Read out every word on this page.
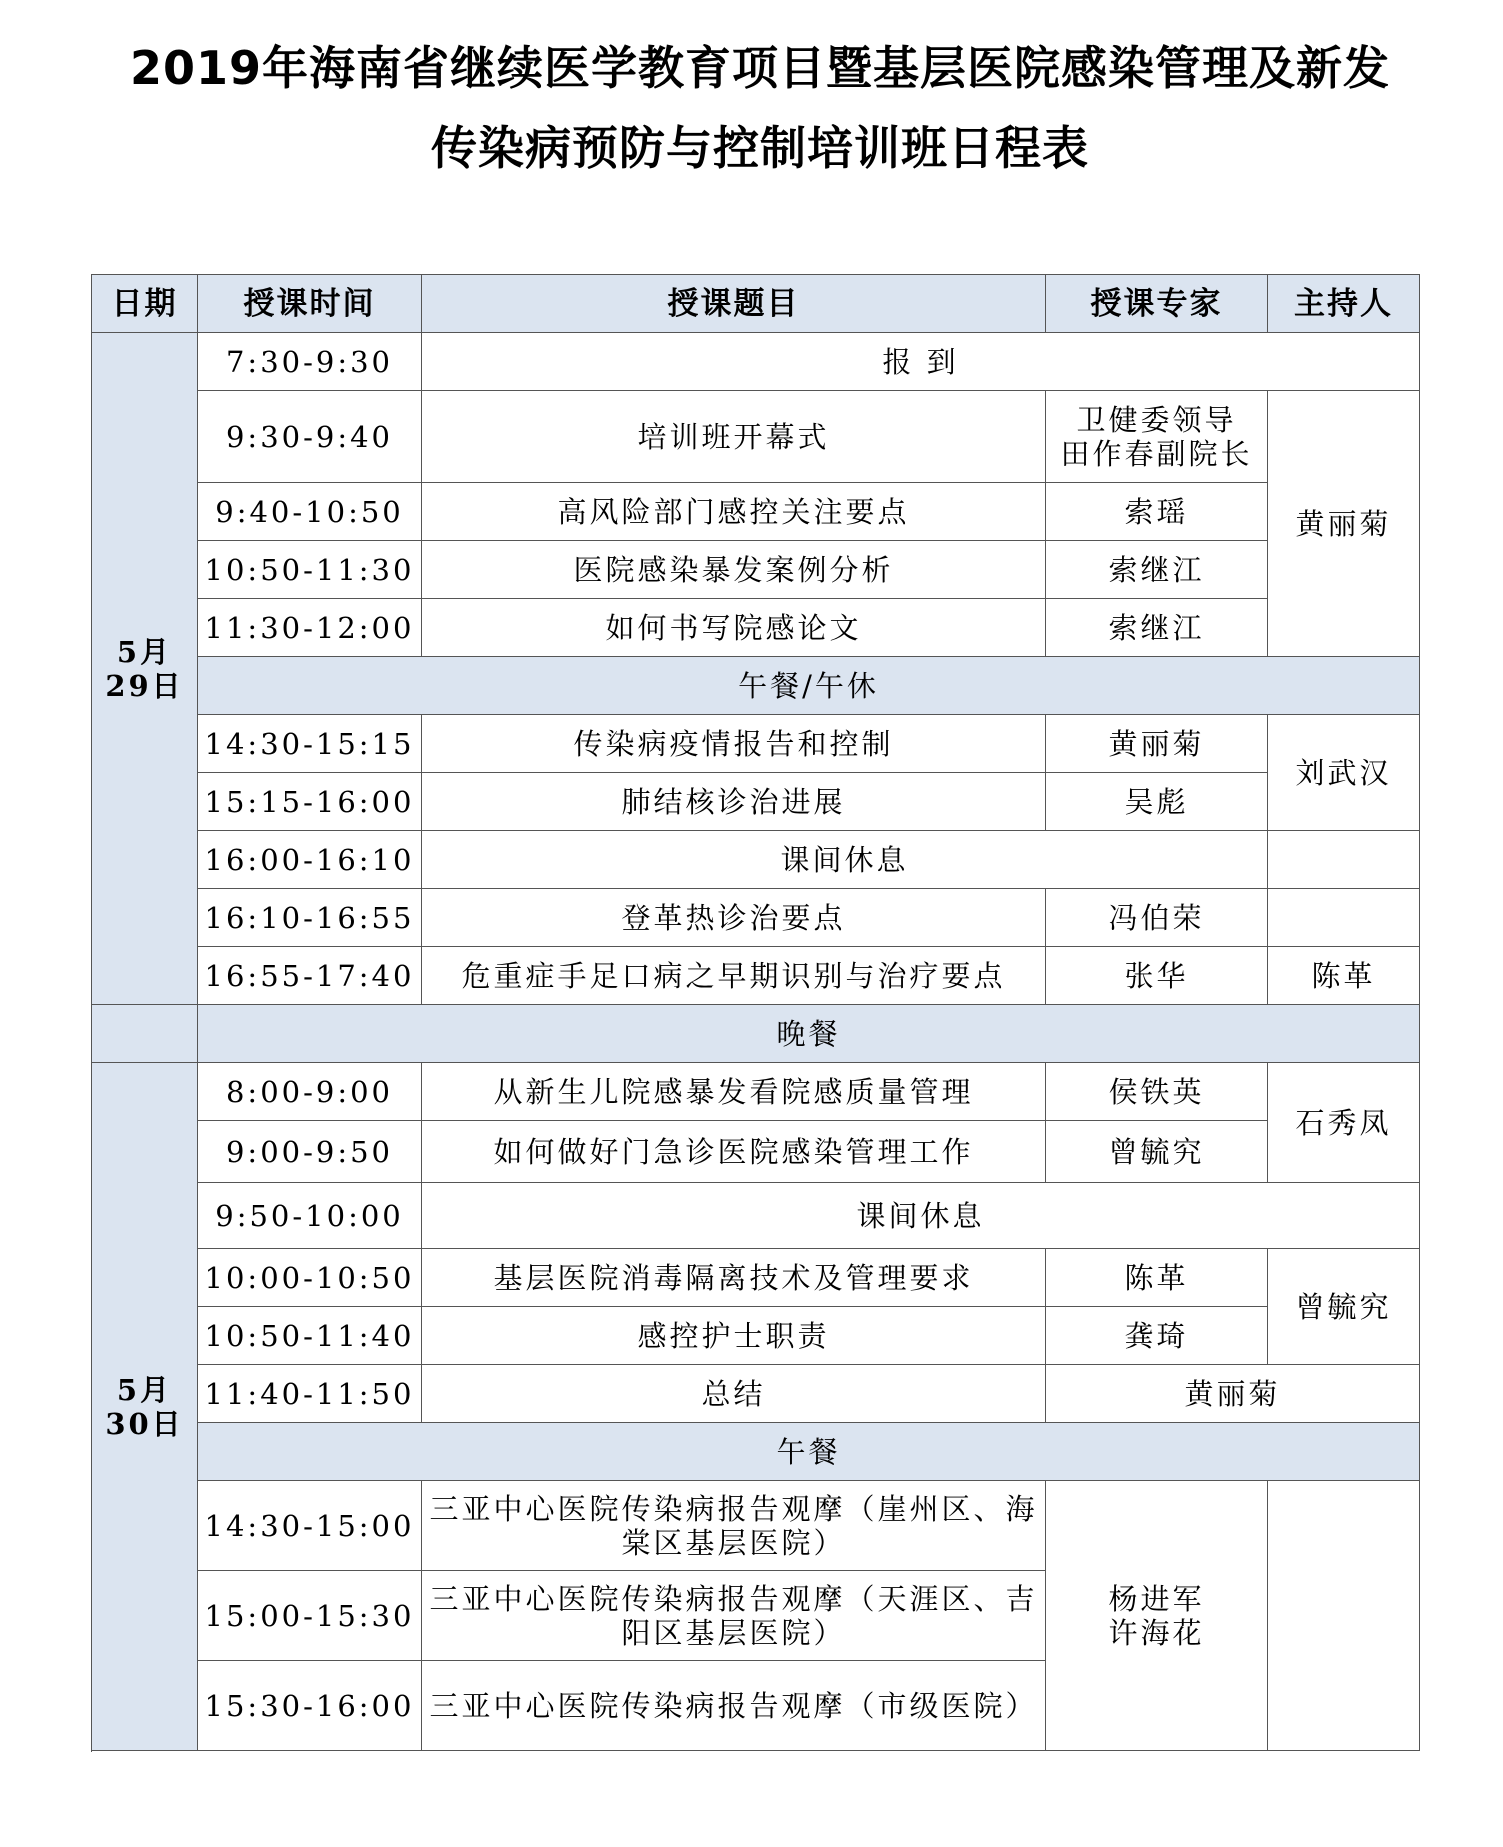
2019年海南省继续医学教育项目暨基层医院感染管理及新发
传染病预防与控制培训班日程表
日期	授课时间	授课题目	授课专家	主持人
5月
29日	7:30-9:30	报 到		
	9:30-9:40	培训班开幕式	卫健委领导
田作春副院长	黄丽菊
	9:40-10:50	高风险部门感控关注要点	索瑶	
	10:50-11:30	医院感染暴发案例分析	索继江	
	11:30-12:00	如何书写院感论文	索继江	
	午餐/午休			
	14:30-15:15	传染病疫情报告和控制	黄丽菊	刘武汉
	15:15-16:00	肺结核诊治进展	吴彪	
	16:00-16:10	课间休息		
	16:10-16:55	登革热诊治要点	冯伯荣	
	16:55-17:40	危重症手足口病之早期识别与治疗要点	张华	陈革

	晚餐			
5月
30日	8:00-9:00	从新生儿院感暴发看院感质量管理	侯铁英	石秀凤
	9:00-9:50	如何做好门急诊医院感染管理工作	曾毓究	
	9:50-10:00	课间休息		
	10:00-10:50	基层医院消毒隔离技术及管理要求	陈革	曾毓究
	10:50-11:40	感控护士职责	龚琦	
	11:40-11:50	总结	黄丽菊	
	午餐			
	14:30-15:00	三亚中心医院传染病报告观摩（崖州区、海棠区基层医院）	杨进军
许海花	
	15:00-15:30	三亚中心医院传染病报告观摩（天涯区、吉阳区基层医院）		
	15:30-16:00	三亚中心医院传染病报告观摩（市级医院）		
